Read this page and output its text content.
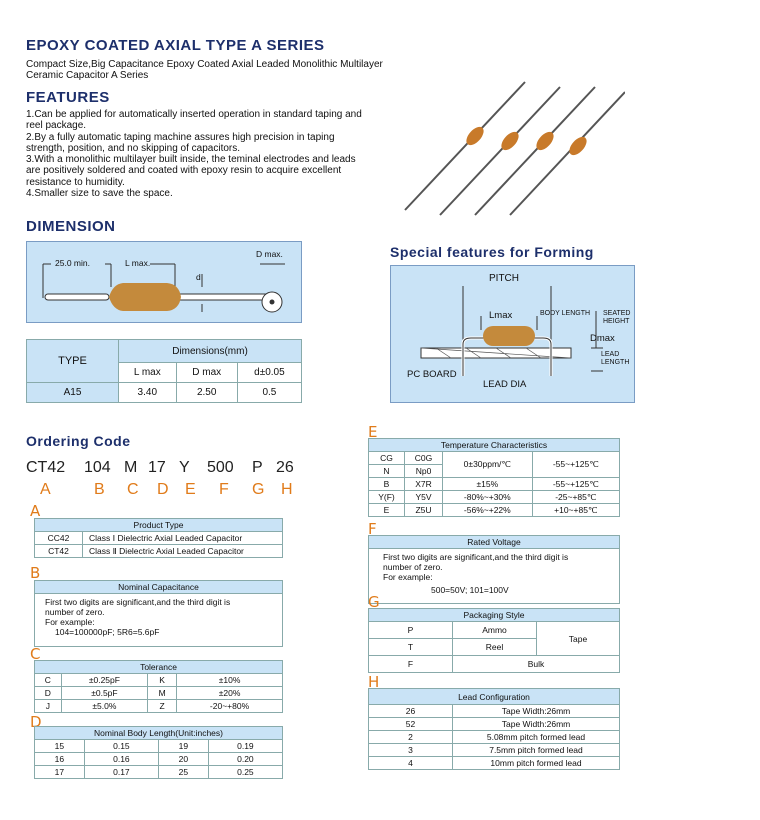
EPOXY COATED AXIAL TYPE A SERIES
Compact Size,Big Capacitance Epoxy Coated Axial Leaded Monolithic Multilayer Ceramic Capacitor A Series
FEATURES
1.Can be applied for automatically inserted operation in standard taping and reel package.
2.By a fully automatic taping machine assures high precision in taping strength, position, and no skipping of capacitors.
3.With a monolithic multilayer built inside, the teminal electrodes and leads are positively soldered and coated with epoxy resin to acquire excellent resistance to humidity.
4.Smaller size to save the space.
DIMENSION
25.0 min.	L max.
d
D max.
TYPE	Dimensions(mm)		
	L max	D max	d±0.05
A15	3.40	2.50	0.5
Special features for Forming
PITCH
Lmax	BODY LENGTH SEATED HEIGHT
Dmax
LEAD LENGTH
PC BOARD
LEAD DIA
Ordering Code
CT42 104 M 17 Y 500 P 26
A	B C D E F G H
A
Product Type	
CC42	Class Ⅰ Dielectric Axial Leaded Capacitor
CT42	Class Ⅱ Dielectric Axial Leaded Capacitor
B
Nominal Capacitance

First two digits are significant,and the third digit is
number of zero.
For example:
104=100000pF; 5R6=5.6pF
C
Tolerance			
C	±0.25pF	K	±10%
D	±0.5pF	M	±20%
J	±5.0%	Z	-20~+80%
D
Nominal Body Length(Unit:inches)			
15	0.15	19	0.19
16	0.16	20	0.20
17	0.17	25	0.25
E
Temperature Characteristics			
CG	C0G	0±30ppm/℃	-55~+125℃
N	Np0		
B	X7R	±15%	-55~+125℃
Y(F)	Y5V	-80%~+30%	-25~+85℃
E	Z5U	-56%~+22%	+10~+85℃
F
Rated Voltage

First two digits are significant,and the third digit is
number of zero.
For example:
500=50V; 101=100V
G
Packaging Style		
P	Ammo	Tape
T	Reel	
F	Bulk	
H
Lead Configuration	
26	Tape Width:26mm
52	Tape Width:26mm
2	5.08mm pitch formed lead
3	7.5mm pitch formed lead
4	10mm pitch formed lead
